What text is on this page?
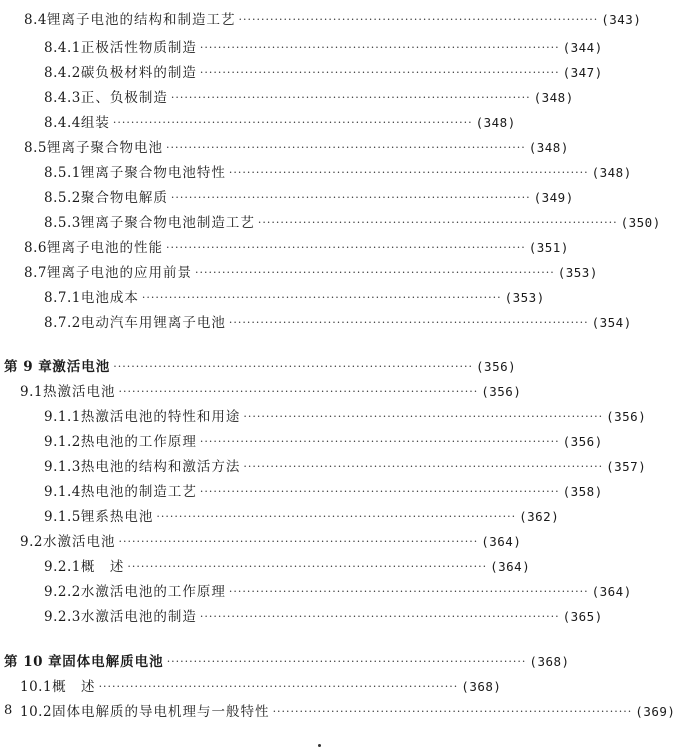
8.4 锂离子电池的结构和制造工艺 ················································································ (343)
8.4.1 正极活性物质制造 ················································································ (344)
8.4.2 碳负极材料的制造 ················································································ (347)
8.4.3 正、负极制造 ················································································ (348)
8.4.4 组装 ················································································ (348)
8.5 锂离子聚合物电池 ················································································ (348)
8.5.1 锂离子聚合物电池特性 ················································································ (348)
8.5.2 聚合物电解质 ················································································ (349)
8.5.3 锂离子聚合物电池制造工艺 ················································································ (350)
8.6 锂离子电池的性能 ················································································ (351)
8.7 锂离子电池的应用前景 ················································································ (353)
8.7.1 电池成本 ················································································ (353)
8.7.2 电动汽车用锂离子电池 ················································································ (354)
第 9 章 激活电池 ················································································ (356)
9.1 热激活电池 ················································································ (356)
9.1.1 热激活电池的特性和用途 ················································································ (356)
9.1.2 热电池的工作原理 ················································································ (356)
9.1.3 热电池的结构和激活方法 ················································································ (357)
9.1.4 热电池的制造工艺 ················································································ (358)
9.1.5 锂系热电池 ················································································ (362)
9.2 水激活电池 ················································································ (364)
9.2.1 概　述 ················································································ (364)
9.2.2 水激活电池的工作原理 ················································································ (364)
9.2.3 水激活电池的制造 ················································································ (365)
第 10 章 固体电解质电池 ················································································ (368)
10.1 概　述 ················································································ (368)
10.2 固体电解质的导电机理与一般特性 ················································································ (369)
8
